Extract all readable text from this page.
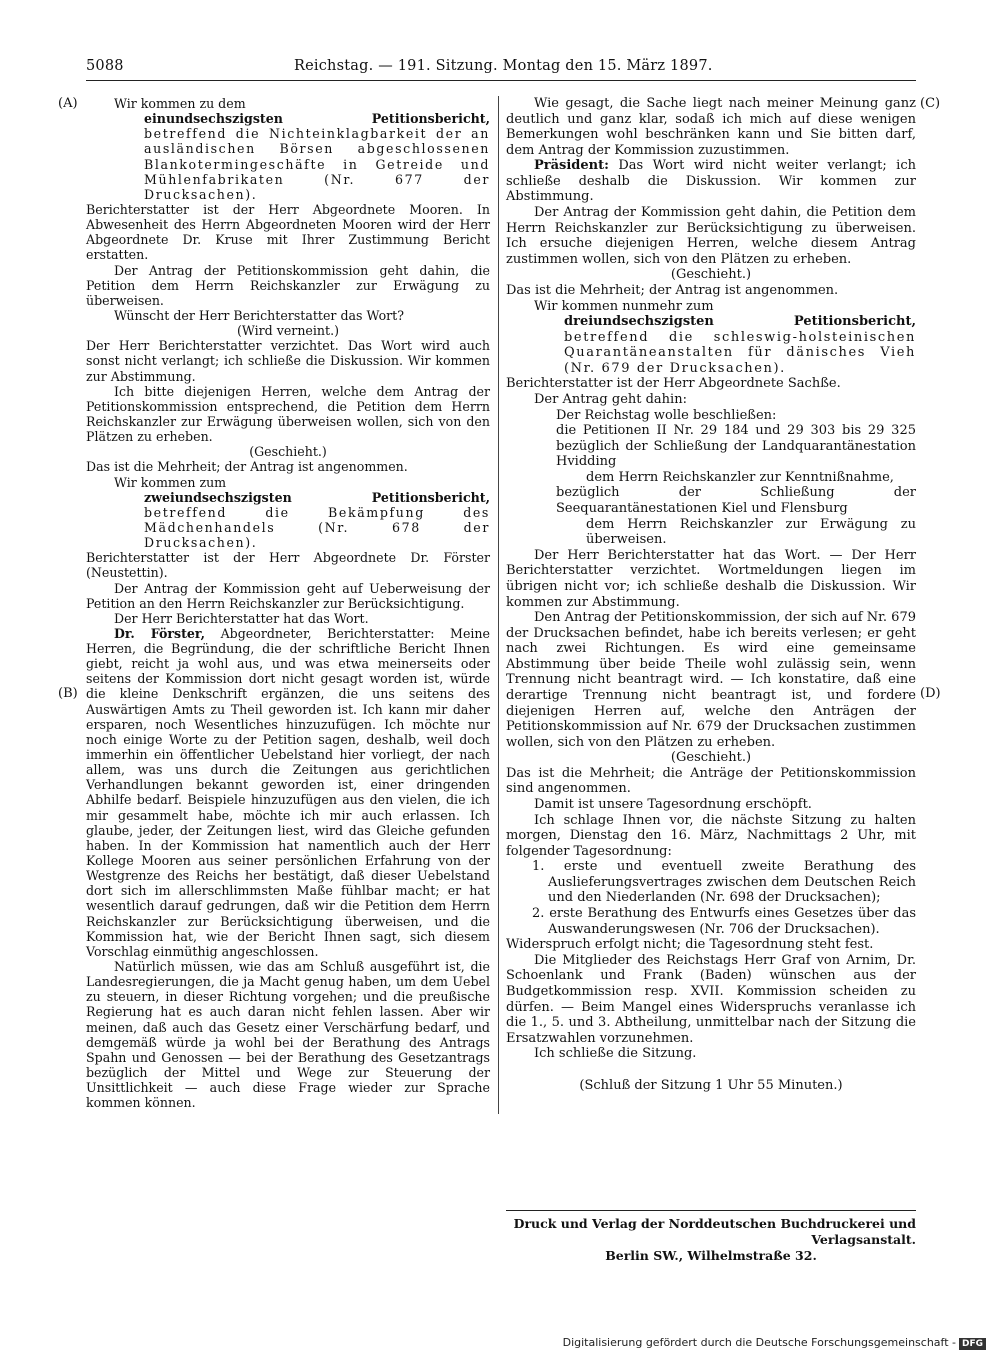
5088	Reichstag. — 191. Sitzung. Montag den 15. März 1897.
(A)
(B)
(C)
(D)

Wir kommen zu dem

einundsechszigsten Petitionsbericht, betreffend die Nichteinklagbarkeit der an ausländischen Börsen abgeschlossenen Blankotermingeschäfte in Getreide und Mühlenfabrikaten (Nr. 677 der Drucksachen).

Berichterstatter ist der Herr Abgeordnete Mooren. In Abwesenheit des Herrn Abgeordneten Mooren wird der Herr Abgeordnete Dr. Kruse mit Ihrer Zustimmung Bericht erstatten.

Der Antrag der Petitionskommission geht dahin, die Petition dem Herrn Reichskanzler zur Erwägung zu überweisen.

Wünscht der Herr Berichterstatter das Wort?

(Wird verneint.)

Der Herr Berichterstatter verzichtet. Das Wort wird auch sonst nicht verlangt; ich schließe die Diskussion. Wir kommen zur Abstimmung.

Ich bitte diejenigen Herren, welche dem Antrag der Petitionskommission entsprechend, die Petition dem Herrn Reichskanzler zur Erwägung überweisen wollen, sich von den Plätzen zu erheben.

(Geschieht.)

Das ist die Mehrheit; der Antrag ist angenommen.

Wir kommen zum

zweiundsechszigsten Petitionsbericht, betreffend die Bekämpfung des Mädchenhandels (Nr. 678 der Drucksachen).

Berichterstatter ist der Herr Abgeordnete Dr. Förster (Neustettin).

Der Antrag der Kommission geht auf Ueberweisung der Petition an den Herrn Reichskanzler zur Berücksichtigung.

Der Herr Berichterstatter hat das Wort.

Dr. Förster, Abgeordneter, Berichterstatter: Meine Herren, die Begründung, die der schriftliche Bericht Ihnen giebt, reicht ja wohl aus, und was etwa meinerseits oder seitens der Kommission dort nicht gesagt worden ist, würde die kleine Denkschrift ergänzen, die uns seitens des Auswärtigen Amts zu Theil geworden ist. Ich kann mir daher ersparen, noch Wesentliches hinzuzufügen. Ich möchte nur noch einige Worte zu der Petition sagen, deshalb, weil doch immerhin ein öffentlicher Uebelstand hier vorliegt, der nach allem, was uns durch die Zeitungen aus gerichtlichen Verhandlungen bekannt geworden ist, einer dringenden Abhilfe bedarf. Beispiele hinzuzufügen aus den vielen, die ich mir gesammelt habe, möchte ich mir auch erlassen. Ich glaube, jeder, der Zeitungen liest, wird das Gleiche gefunden haben. In der Kommission hat namentlich auch der Herr Kollege Mooren aus seiner persönlichen Erfahrung von der Westgrenze des Reichs her bestätigt, daß dieser Uebelstand dort sich im allerschlimmsten Maße fühlbar macht; er hat wesentlich darauf gedrungen, daß wir die Petition dem Herrn Reichskanzler zur Berücksichtigung überweisen, und die Kommission hat, wie der Bericht Ihnen sagt, sich diesem Vorschlag einmüthig angeschlossen.

Natürlich müssen, wie das am Schluß ausgeführt ist, die Landesregierungen, die ja Macht genug haben, um dem Uebel zu steuern, in dieser Richtung vorgehen; und die preußische Regierung hat es auch daran nicht fehlen lassen. Aber wir meinen, daß auch das Gesetz einer Verschärfung bedarf, und demgemäß würde ja wohl bei der Berathung des Antrags Spahn und Genossen — bei der Berathung des Gesetzantrags bezüglich der Mittel und Wege zur Steuerung der Unsittlichkeit — auch diese Frage wieder zur Sprache kommen können.

Wie gesagt, die Sache liegt nach meiner Meinung ganz deutlich und ganz klar, sodaß ich mich auf diese wenigen Bemerkungen wohl beschränken kann und Sie bitten darf, dem Antrag der Kommission zuzustimmen.

Präsident: Das Wort wird nicht weiter verlangt; ich schließe deshalb die Diskussion. Wir kommen zur Abstimmung.

Der Antrag der Kommission geht dahin, die Petition dem Herrn Reichskanzler zur Berücksichtigung zu überweisen. Ich ersuche diejenigen Herren, welche diesem Antrag zustimmen wollen, sich von den Plätzen zu erheben.

(Geschieht.)

Das ist die Mehrheit; der Antrag ist angenommen.

Wir kommen nunmehr zum

dreiundsechszigsten Petitionsbericht, betreffend die schleswig-holsteinischen Quarantäneanstalten für dänisches Vieh (Nr. 679 der Drucksachen).

Berichterstatter ist der Herr Abgeordnete Sachße.

Der Antrag geht dahin:

Der Reichstag wolle beschließen:

die Petitionen II Nr. 29 184 und 29 303 bis 29 325 bezüglich der Schließung der Landquarantänestation Hvidding

dem Herrn Reichskanzler zur Kenntnißnahme,

bezüglich der Schließung der Seequarantänestationen Kiel und Flensburg

dem Herrn Reichskanzler zur Erwägung zu überweisen.

Der Herr Berichterstatter hat das Wort. — Der Herr Berichterstatter verzichtet. Wortmeldungen liegen im übrigen nicht vor; ich schließe deshalb die Diskussion. Wir kommen zur Abstimmung.

Den Antrag der Petitionskommission, der sich auf Nr. 679 der Drucksachen befindet, habe ich bereits verlesen; er geht nach zwei Richtungen. Es wird eine gemeinsame Abstimmung über beide Theile wohl zulässig sein, wenn Trennung nicht beantragt wird. — Ich konstatire, daß eine derartige Trennung nicht beantragt ist, und fordere diejenigen Herren auf, welche den Anträgen der Petitionskommission auf Nr. 679 der Drucksachen zustimmen wollen, sich von den Plätzen zu erheben.

(Geschieht.)

Das ist die Mehrheit; die Anträge der Petitionskommission sind angenommen.

Damit ist unsere Tagesordnung erschöpft.

Ich schlage Ihnen vor, die nächste Sitzung zu halten morgen, Dienstag den 16. März, Nachmittags 2 Uhr, mit folgender Tagesordnung:

1. erste und eventuell zweite Berathung des Auslieferungsvertrages zwischen dem Deutschen Reich und den Niederlanden (Nr. 698 der Drucksachen);

2. erste Berathung des Entwurfs eines Gesetzes über das Auswanderungswesen (Nr. 706 der Drucksachen).

Widerspruch erfolgt nicht; die Tagesordnung steht fest.

Die Mitglieder des Reichstags Herr Graf von Arnim, Dr. Schoenlank und Frank (Baden) wünschen aus der Budgetkommission resp. XVII. Kommission scheiden zu dürfen. — Beim Mangel eines Widerspruchs veranlasse ich die 1., 5. und 3. Abtheilung, unmittelbar nach der Sitzung die Ersatzwahlen vorzunehmen.

Ich schließe die Sitzung.

(Schluß der Sitzung 1 Uhr 55 Minuten.)

Druck und Verlag der Norddeutschen Buchdruckerei und Verlagsanstalt.
Berlin SW., Wilhelmstraße 32.
Digitalisierung gefördert durch die Deutsche Forschungsgemeinschaft - DFG
